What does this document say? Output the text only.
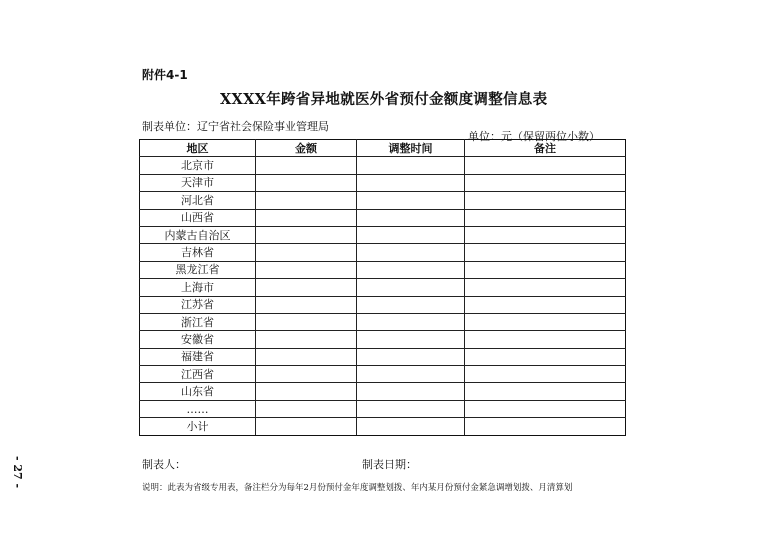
附件4-1
XXXX年跨省异地就医外省预付金额度调整信息表
制表单位：辽宁省社会保险事业管理局
单位：元（保留两位小数）
地区	金额	调整时间	备注
北京市			
天津市			
河北省			
山西省			
内蒙古自治区			
吉林省			
黑龙江省			
上海市			
江苏省			
浙江省			
安徽省			
福建省			
江西省			
山东省			
……			
小计			
制表人：	制表日期：
说明：此表为省级专用表，备注栏分为每年2月份预付金年度调整划拨、年内某月份预付金紧急调增划拨、月清算划
- 27 -
